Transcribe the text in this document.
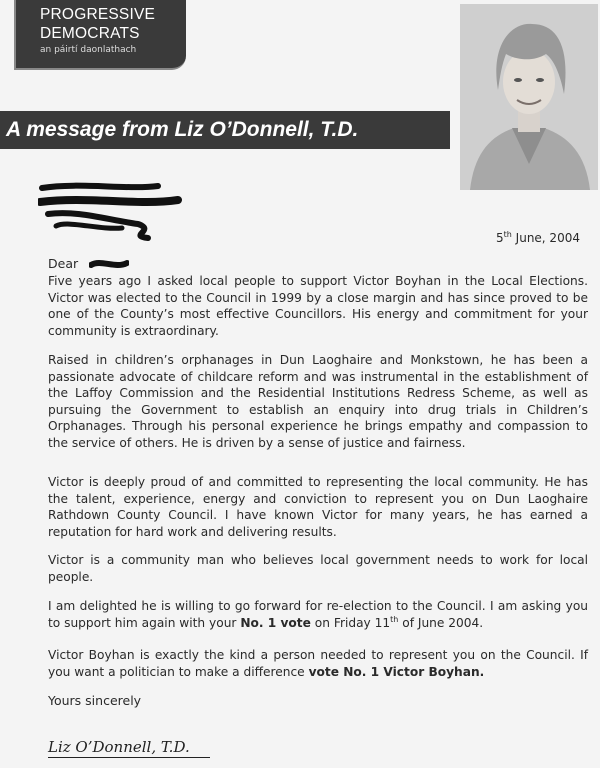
PROGRESSIVE
DEMOCRATS
an páirtí daonlathach
A message from Liz O’Donnell, T.D.
5th June, 2004
Dear

Five years ago I asked local people to support Victor Boyhan in the Local Elections. Victor was elected to the Council in 1999 by a close margin and has since proved to be one of the County’s most effective Councillors. His energy and commitment for your community is extraordinary.

Raised in children’s orphanages in Dun Laoghaire and Monkstown, he has been a passionate advocate of childcare reform and was instrumental in the establishment of the Laffoy Commission and the Residential Institutions Redress Scheme, as well as pursuing the Government to establish an enquiry into drug trials in Children’s Orphanages. Through his personal experience he brings empathy and compassion to the service of others. He is driven by a sense of justice and fairness.

Victor is deeply proud of and committed to representing the local community. He has the talent, experience, energy and conviction to represent you on Dun Laoghaire Rathdown County Council. I have known Victor for many years, he has earned a reputation for hard work and delivering results.

Victor is a community man who believes local government needs to work for local people.

I am delighted he is willing to go forward for re-election to the Council. I am asking you to support him again with your No. 1 vote on Friday 11th of June 2004.

Victor Boyhan is exactly the kind a person needed to represent you on the Council. If you want a politician to make a difference vote No. 1 Victor Boyhan.

Yours sincerely
Liz O’Donnell, T.D.
